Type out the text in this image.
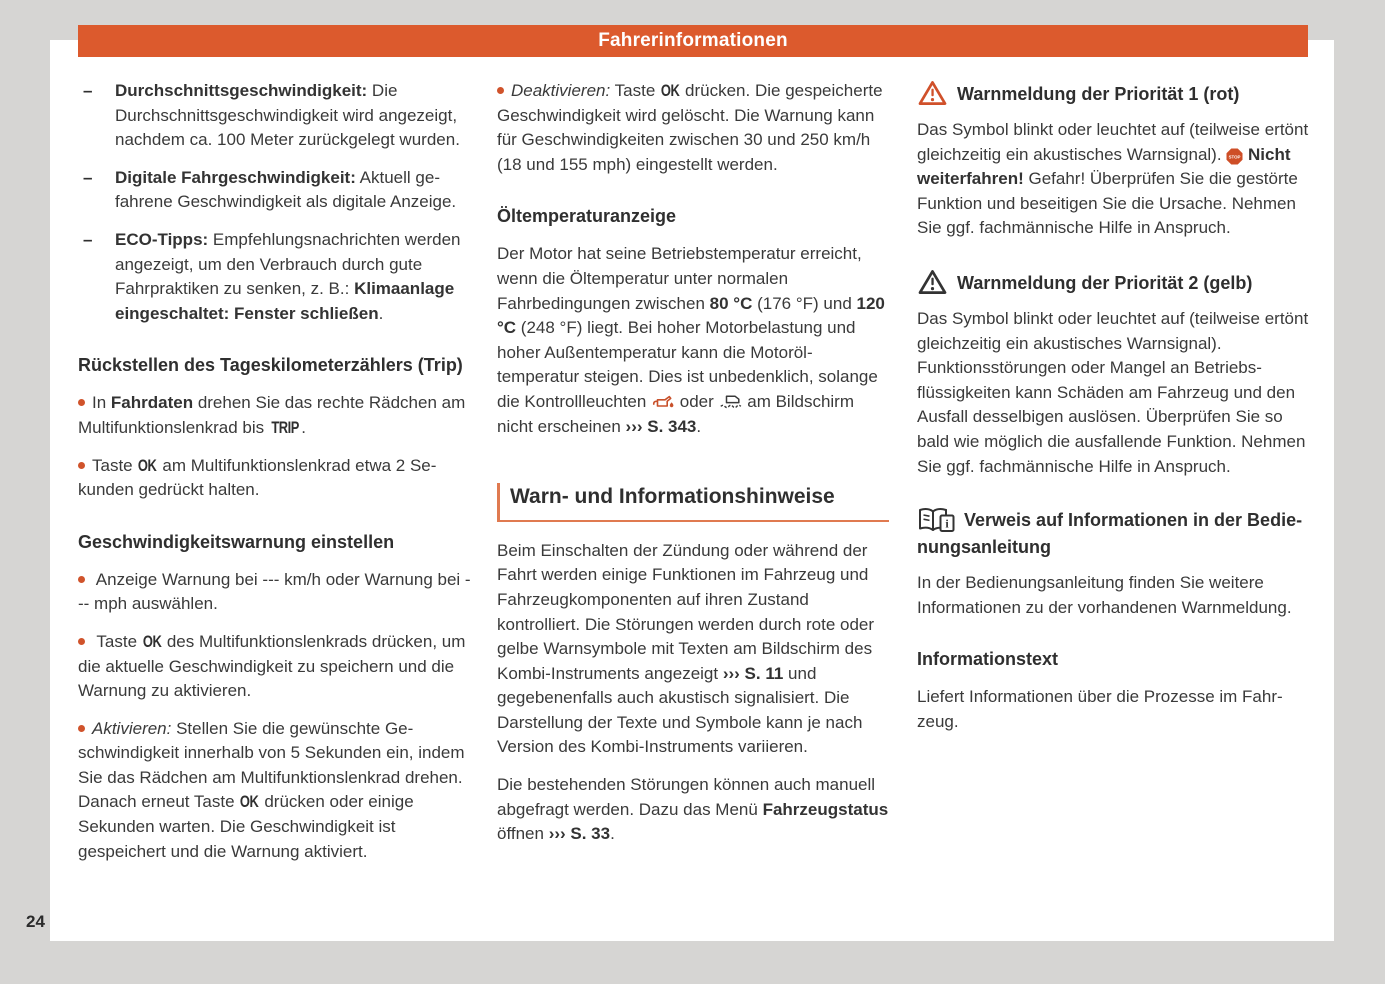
Fahrerinformationen
– Durchschnittsgeschwindigkeit: Die Durchschnittsgeschwindigkeit wird angezeigt, nachdem ca. 100 Meter zurückgelegt wurden.
– Digitale Fahrgeschwindigkeit: Aktuell gefahrene Geschwindigkeit als digitale Anzeige.
– ECO-Tipps: Empfehlungsnachrichten werden angezeigt, um den Verbrauch durch gute Fahrpraktiken zu senken, z. B.: Klimaanlage eingeschaltet: Fenster schließen.
Rückstellen des Tageskilometerzählers (Trip)
In Fahrdaten drehen Sie das rechte Rädchen am Multifunktionslenkrad bis TRIP .
Taste OK am Multifunktionslenkrad etwa 2 Sekunden gedrückt halten.
Geschwindigkeitswarnung einstellen
Anzeige Warnung bei --- km/h oder Warnung bei --- mph auswählen.
Taste OK des Multifunktionslenkrads drücken, um die aktuelle Geschwindigkeit zu speichern und die Warnung zu aktivieren.
Aktivieren: Stellen Sie die gewünschte Geschwindigkeit innerhalb von 5 Sekunden ein, indem Sie das Rädchen am Multifunktionslenkrad drehen. Danach erneut Taste OK drücken oder einige Sekunden warten. Die Geschwindigkeit ist gespeichert und die Warnung aktiviert.
Deaktivieren: Taste OK drücken. Die gespeicherte Geschwindigkeit wird gelöscht. Die Warnung kann für Geschwindigkeiten zwischen 30 und 250 km/h (18 und 155 mph) eingestellt werden.
Öltemperaturanzeige

Der Motor hat seine Betriebstemperatur erreicht, wenn die Öltemperatur unter normalen Fahrbedingungen zwischen 80 °C (176 °F) und 120 °C (248 °F) liegt. Bei hoher Motorbelastung und hoher Außentemperatur kann die Motoröltemperatur steigen. Dies ist unbedenklich, solange die Kontrollleuchten  oder  am Bildschirm nicht erscheinen ››› S. 343.

Warn- und Informationshinweise

Beim Einschalten der Zündung oder während der Fahrt werden einige Funktionen im Fahrzeug und Fahrzeugkomponenten auf ihren Zustand kontrolliert. Die Störungen werden durch rote oder gelbe Warnsymbole mit Texten am Bildschirm des Kombi-Instruments angezeigt ››› S. 11 und gegebenenfalls auch akustisch signalisiert. Die Darstellung der Texte und Symbole kann je nach Version des Kombi-Instruments variieren.

Die bestehenden Störungen können auch manuell abgefragt werden. Dazu das Menü Fahrzeugstatus öffnen ››› S. 33.

Warnmeldung der Priorität 1 (rot)

Das Symbol blinkt oder leuchtet auf (teilweise ertönt gleichzeitig ein akustisches Warnsignal). STOP Nicht weiterfahren! Gefahr! Überprüfen Sie die gestörte Funktion und beseitigen Sie die Ursache. Nehmen Sie ggf. fachmännische Hilfe in Anspruch.

Warnmeldung der Priorität 2 (gelb)

Das Symbol blinkt oder leuchtet auf (teilweise ertönt gleichzeitig ein akustisches Warnsignal). Funktionsstörungen oder Mangel an Betriebsflüssigkeiten kann Schäden am Fahrzeug und den Ausfall desselbigen auslösen. Überprüfen Sie so bald wie möglich die ausfallende Funktion. Nehmen Sie ggf. fachmännische Hilfe in Anspruch.

i Verweis auf Informationen in der Bedienungsanleitung

In der Bedienungsanleitung finden Sie weitere Informationen zu der vorhandenen Warnmeldung.

Informationstext

Liefert Informationen über die Prozesse im Fahrzeug.

24
